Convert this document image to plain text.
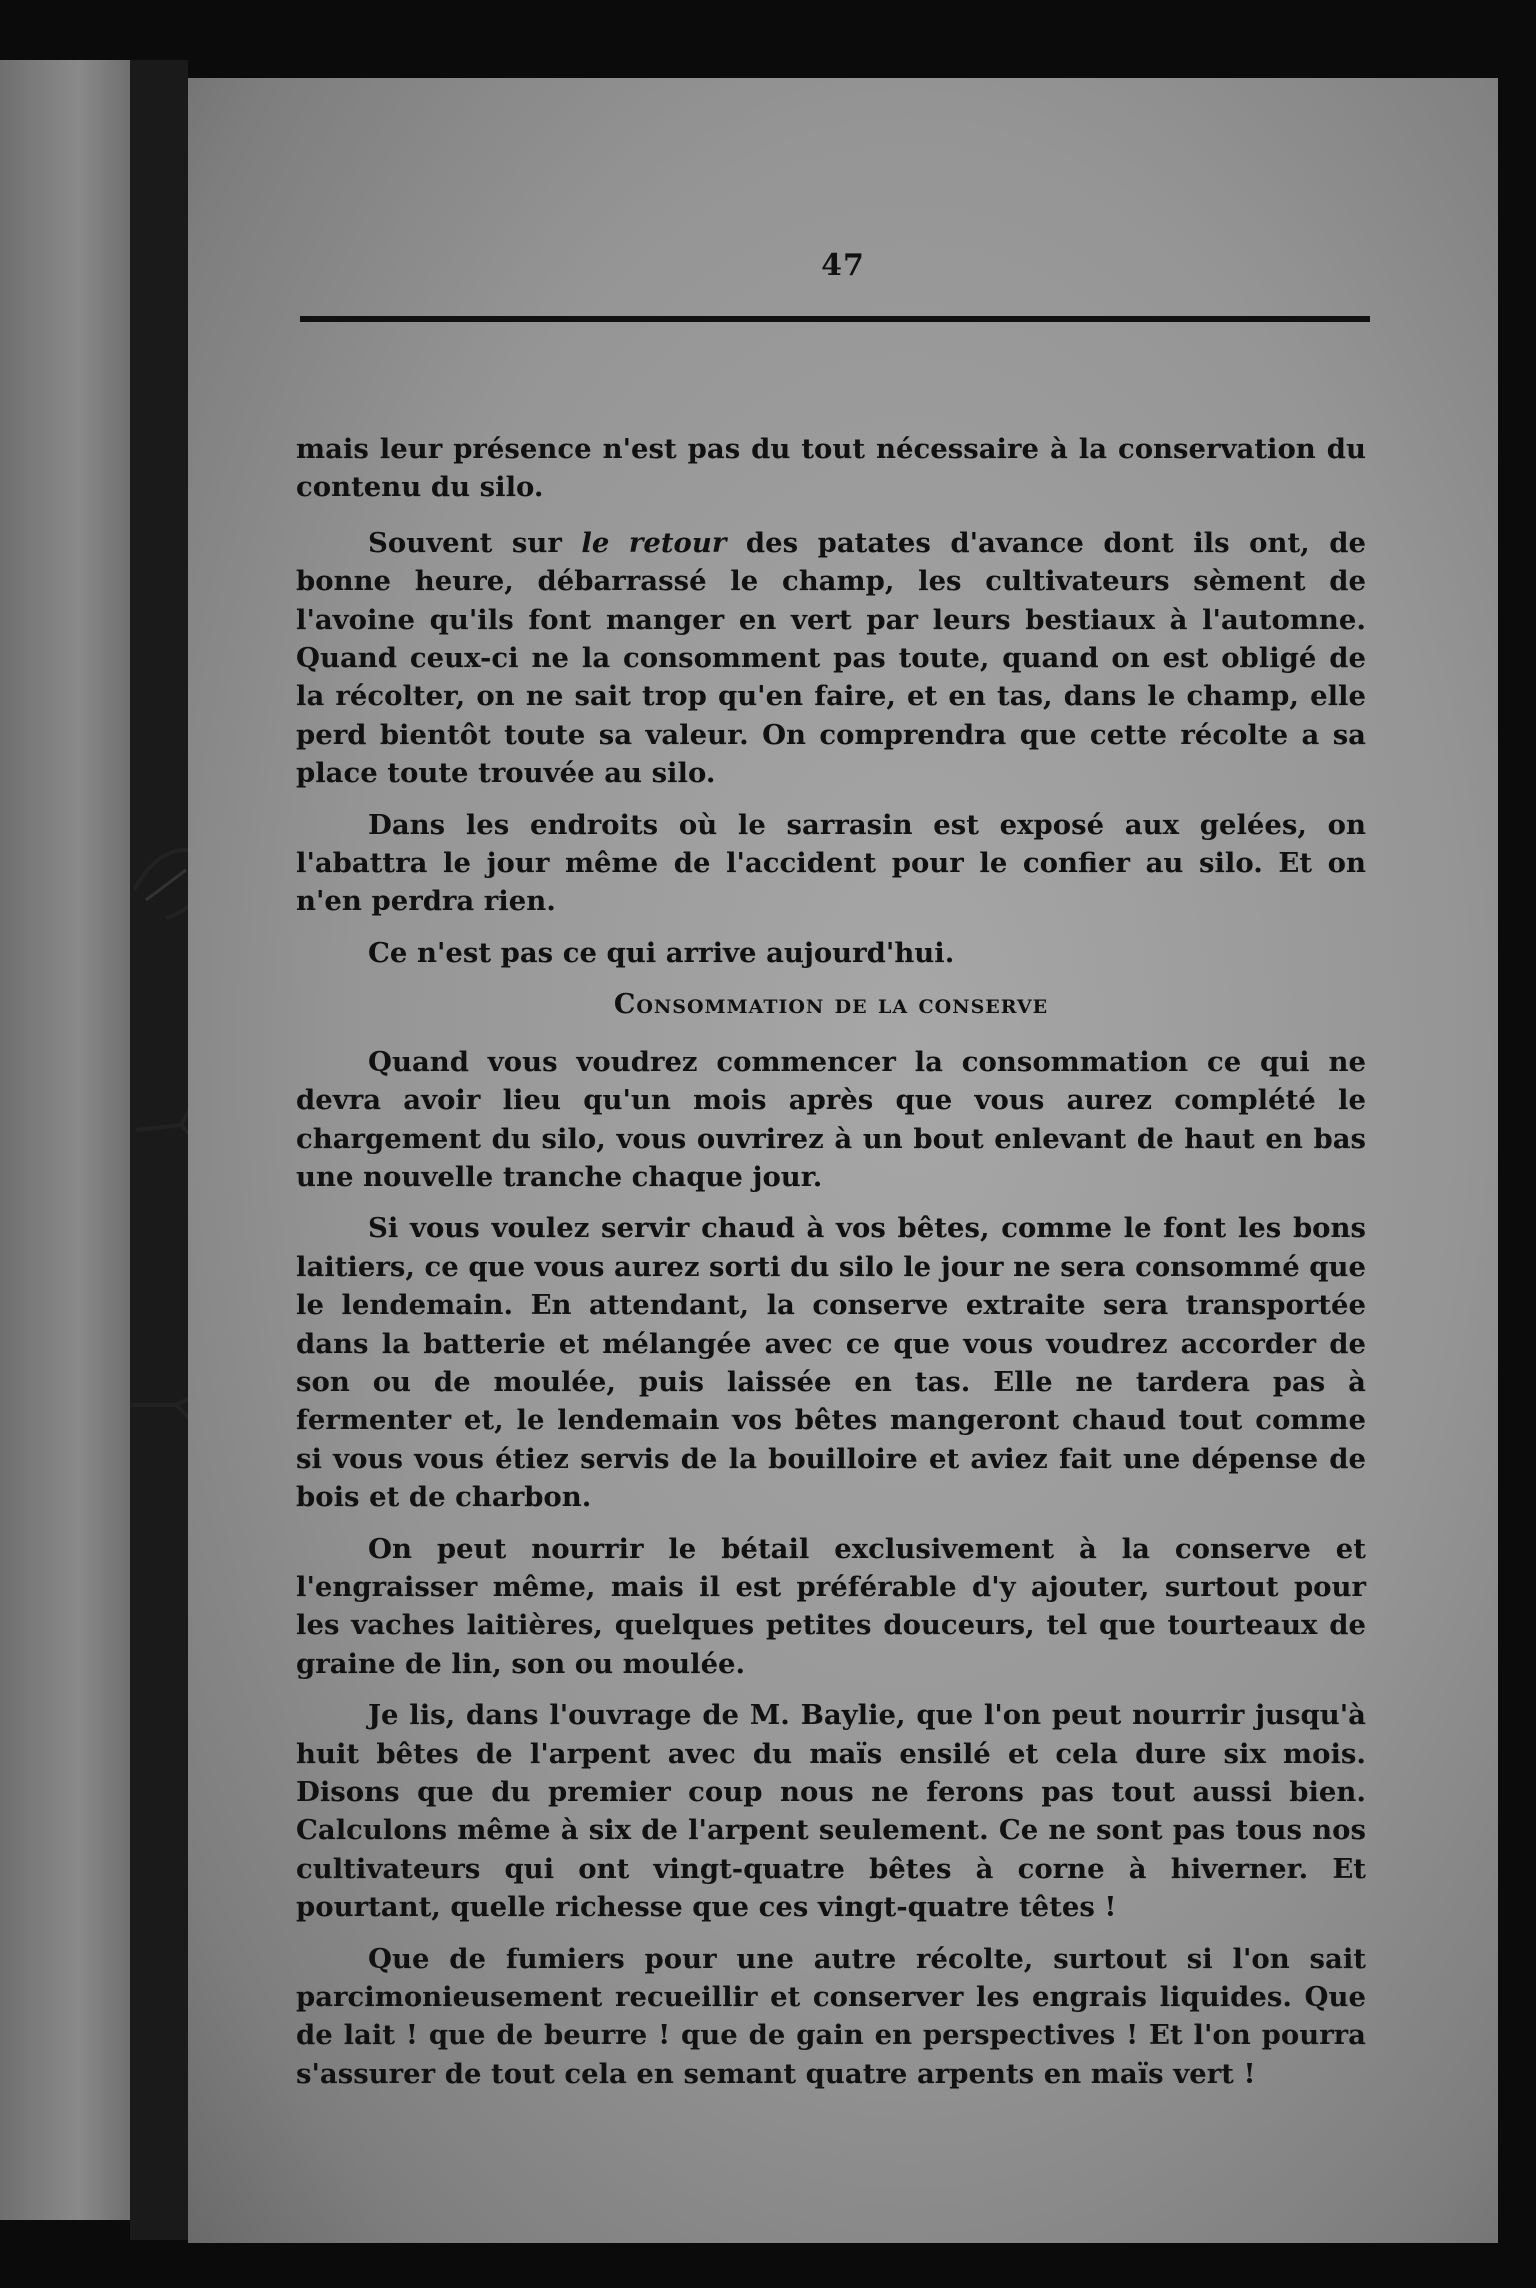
47

mais leur présence n'est pas du tout nécessaire à la conservation du contenu du silo.

Souvent sur le retour des patates d'avance dont ils ont, de bonne heure, débarrassé le champ, les cultivateurs sèment de l'avoine qu'ils font manger en vert par leurs bestiaux à l'automne. Quand ceux-ci ne la consomment pas toute, quand on est obligé de la récolter, on ne sait trop qu'en faire, et en tas, dans le champ, elle perd bientôt toute sa valeur. On comprendra que cette récolte a sa place toute trouvée au silo.

Dans les endroits où le sarrasin est exposé aux gelées, on l'abattra le jour même de l'accident pour le confier au silo. Et on n'en perdra rien.

Ce n'est pas ce qui arrive aujourd'hui.

Consommation de la conserve

Quand vous voudrez commencer la consommation ce qui ne devra avoir lieu qu'un mois après que vous aurez complété le chargement du silo, vous ouvrirez à un bout enlevant de haut en bas une nouvelle tranche chaque jour.

Si vous voulez servir chaud à vos bêtes, comme le font les bons laitiers, ce que vous aurez sorti du silo le jour ne sera consommé que le lendemain. En attendant, la conserve extraite sera transportée dans la batterie et mélangée avec ce que vous voudrez accorder de son ou de moulée, puis laissée en tas. Elle ne tardera pas à fermenter et, le lendemain vos bêtes mangeront chaud tout comme si vous vous étiez servis de la bouilloire et aviez fait une dépense de bois et de charbon.

On peut nourrir le bétail exclusivement à la conserve et l'engraisser même, mais il est préférable d'y ajouter, surtout pour les vaches laitières, quelques petites douceurs, tel que tourteaux de graine de lin, son ou moulée.

Je lis, dans l'ouvrage de M. Baylie, que l'on peut nourrir jusqu'à huit bêtes de l'arpent avec du maïs ensilé et cela dure six mois. Disons que du premier coup nous ne ferons pas tout aussi bien. Calculons même à six de l'arpent seulement. Ce ne sont pas tous nos cultivateurs qui ont vingt-quatre bêtes à corne à hiverner. Et pourtant, quelle richesse que ces vingt-quatre têtes !

Que de fumiers pour une autre récolte, surtout si l'on sait parcimonieusement recueillir et conserver les engrais liquides. Que de lait ! que de beurre ! que de gain en perspectives ! Et l'on pourra s'assurer de tout cela en semant quatre arpents en maïs vert !
